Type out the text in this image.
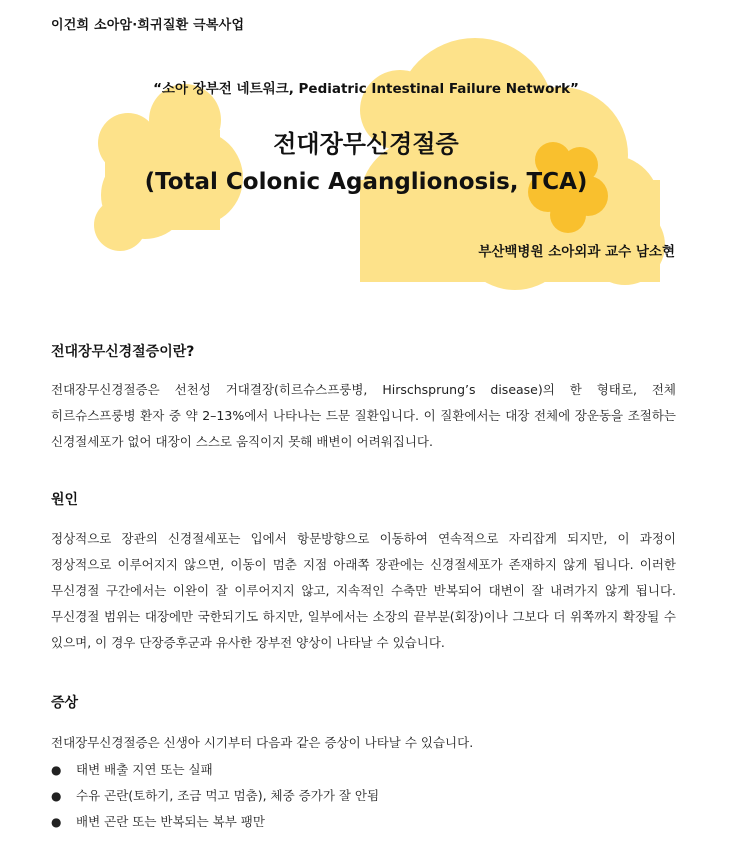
이건희 소아암·희귀질환 극복사업
“소아 장부전 네트워크, Pediatric Intestinal Failure Network”
전대장무신경절증
(Total Colonic Aganglionosis, TCA)
부산백병원 소아외과 교수 남소현
전대장무신경절증이란?
전대장무신경절증은 선천성 거대결장(히르슈스프룽병, Hirschsprung’s disease)의 한 형태로, 전체 히르슈스프룽병 환자 중 약 2–13%에서 나타나는 드문 질환입니다. 이 질환에서는 대장 전체에 장운동을 조절하는 신경절세포가 없어 대장이 스스로 움직이지 못해 배변이 어려워집니다.
원인
정상적으로 장관의 신경절세포는 입에서 항문방향으로 이동하여 연속적으로 자리잡게 되지만, 이 과정이 정상적으로 이루어지지 않으면, 이동이 멈춘 지점 아래쪽 장관에는 신경절세포가 존재하지 않게 됩니다. 이러한 무신경절 구간에서는 이완이 잘 이루어지지 않고, 지속적인 수축만 반복되어 대변이 잘 내려가지 않게 됩니다. 무신경절 범위는 대장에만 국한되기도 하지만, 일부에서는 소장의 끝부분(회장)이나 그보다 더 위쪽까지 확장될 수 있으며, 이 경우 단장증후군과 유사한 장부전 양상이 나타날 수 있습니다.
증상
전대장무신경절증은 신생아 시기부터 다음과 같은 증상이 나타날 수 있습니다.
● 태변 배출 지연 또는 실패
● 수유 곤란(토하기, 조금 먹고 멈춤), 체중 증가가 잘 안됨
● 배변 곤란 또는 반복되는 복부 팽만
